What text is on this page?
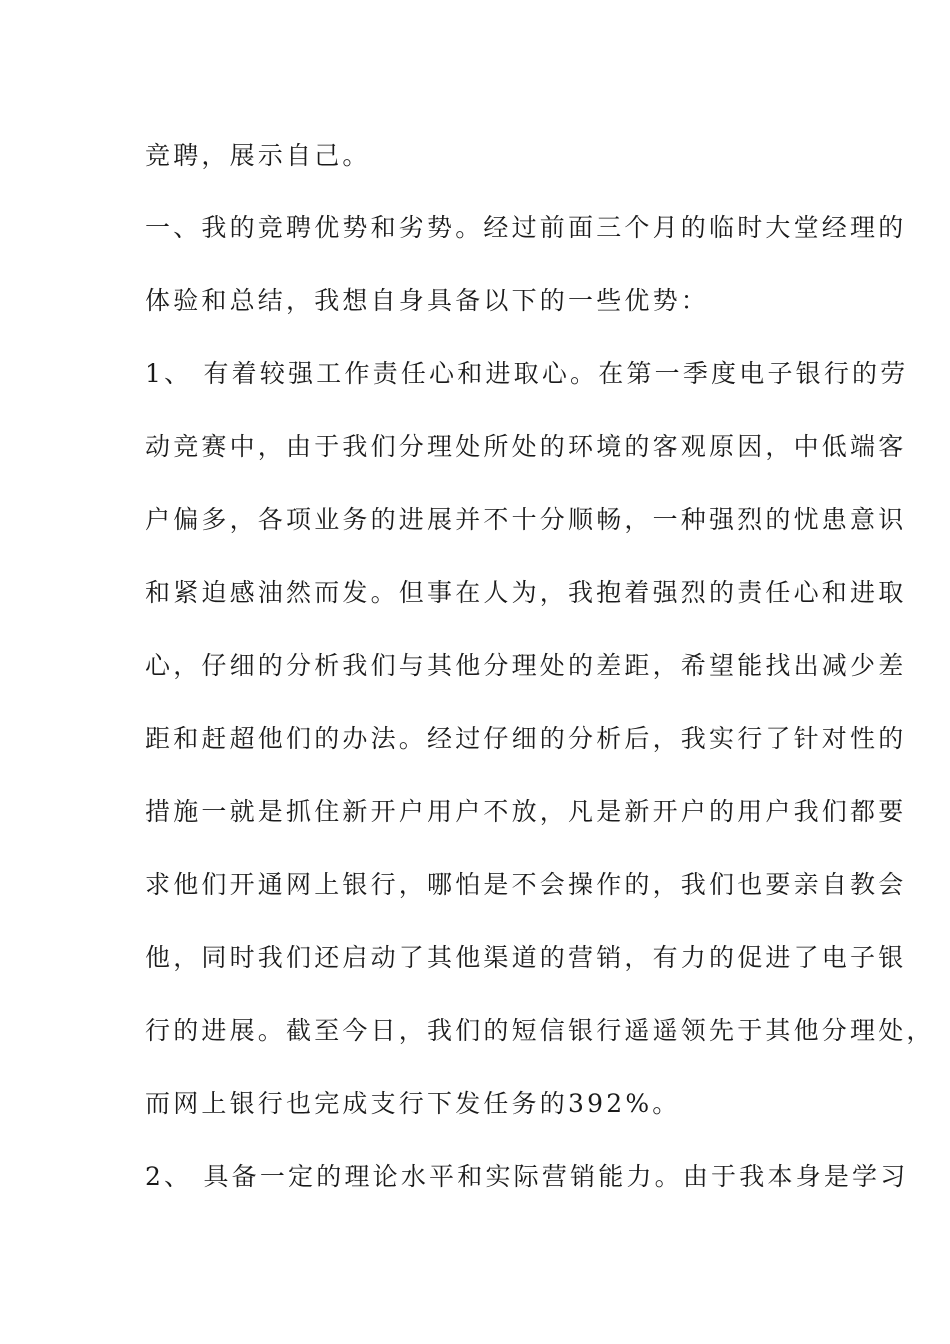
竞聘，展示自己。
一、我的竞聘优势和劣势。经过前面三个月的临时大堂经理的
体验和总结，我想自身具备以下的一些优势：
1、 有着较强工作责任心和进取心。在第一季度电子银行的劳
动竞赛中，由于我们分理处所处的环境的客观原因，中低端客
户偏多，各项业务的进展并不十分顺畅，一种强烈的忧患意识
和紧迫感油然而发。但事在人为，我抱着强烈的责任心和进取
心，仔细的分析我们与其他分理处的差距，希望能找出减少差
距和赶超他们的办法。经过仔细的分析后，我实行了针对性的
措施一就是抓住新开户用户不放，凡是新开户的用户我们都要
求他们开通网上银行，哪怕是不会操作的，我们也要亲自教会
他，同时我们还启动了其他渠道的营销，有力的促进了电子银
行的进展。截至今日，我们的短信银行遥遥领先于其他分理处，
而网上银行也完成支行下发任务的392%。
2、 具备一定的理论水平和实际营销能力。由于我本身是学习
